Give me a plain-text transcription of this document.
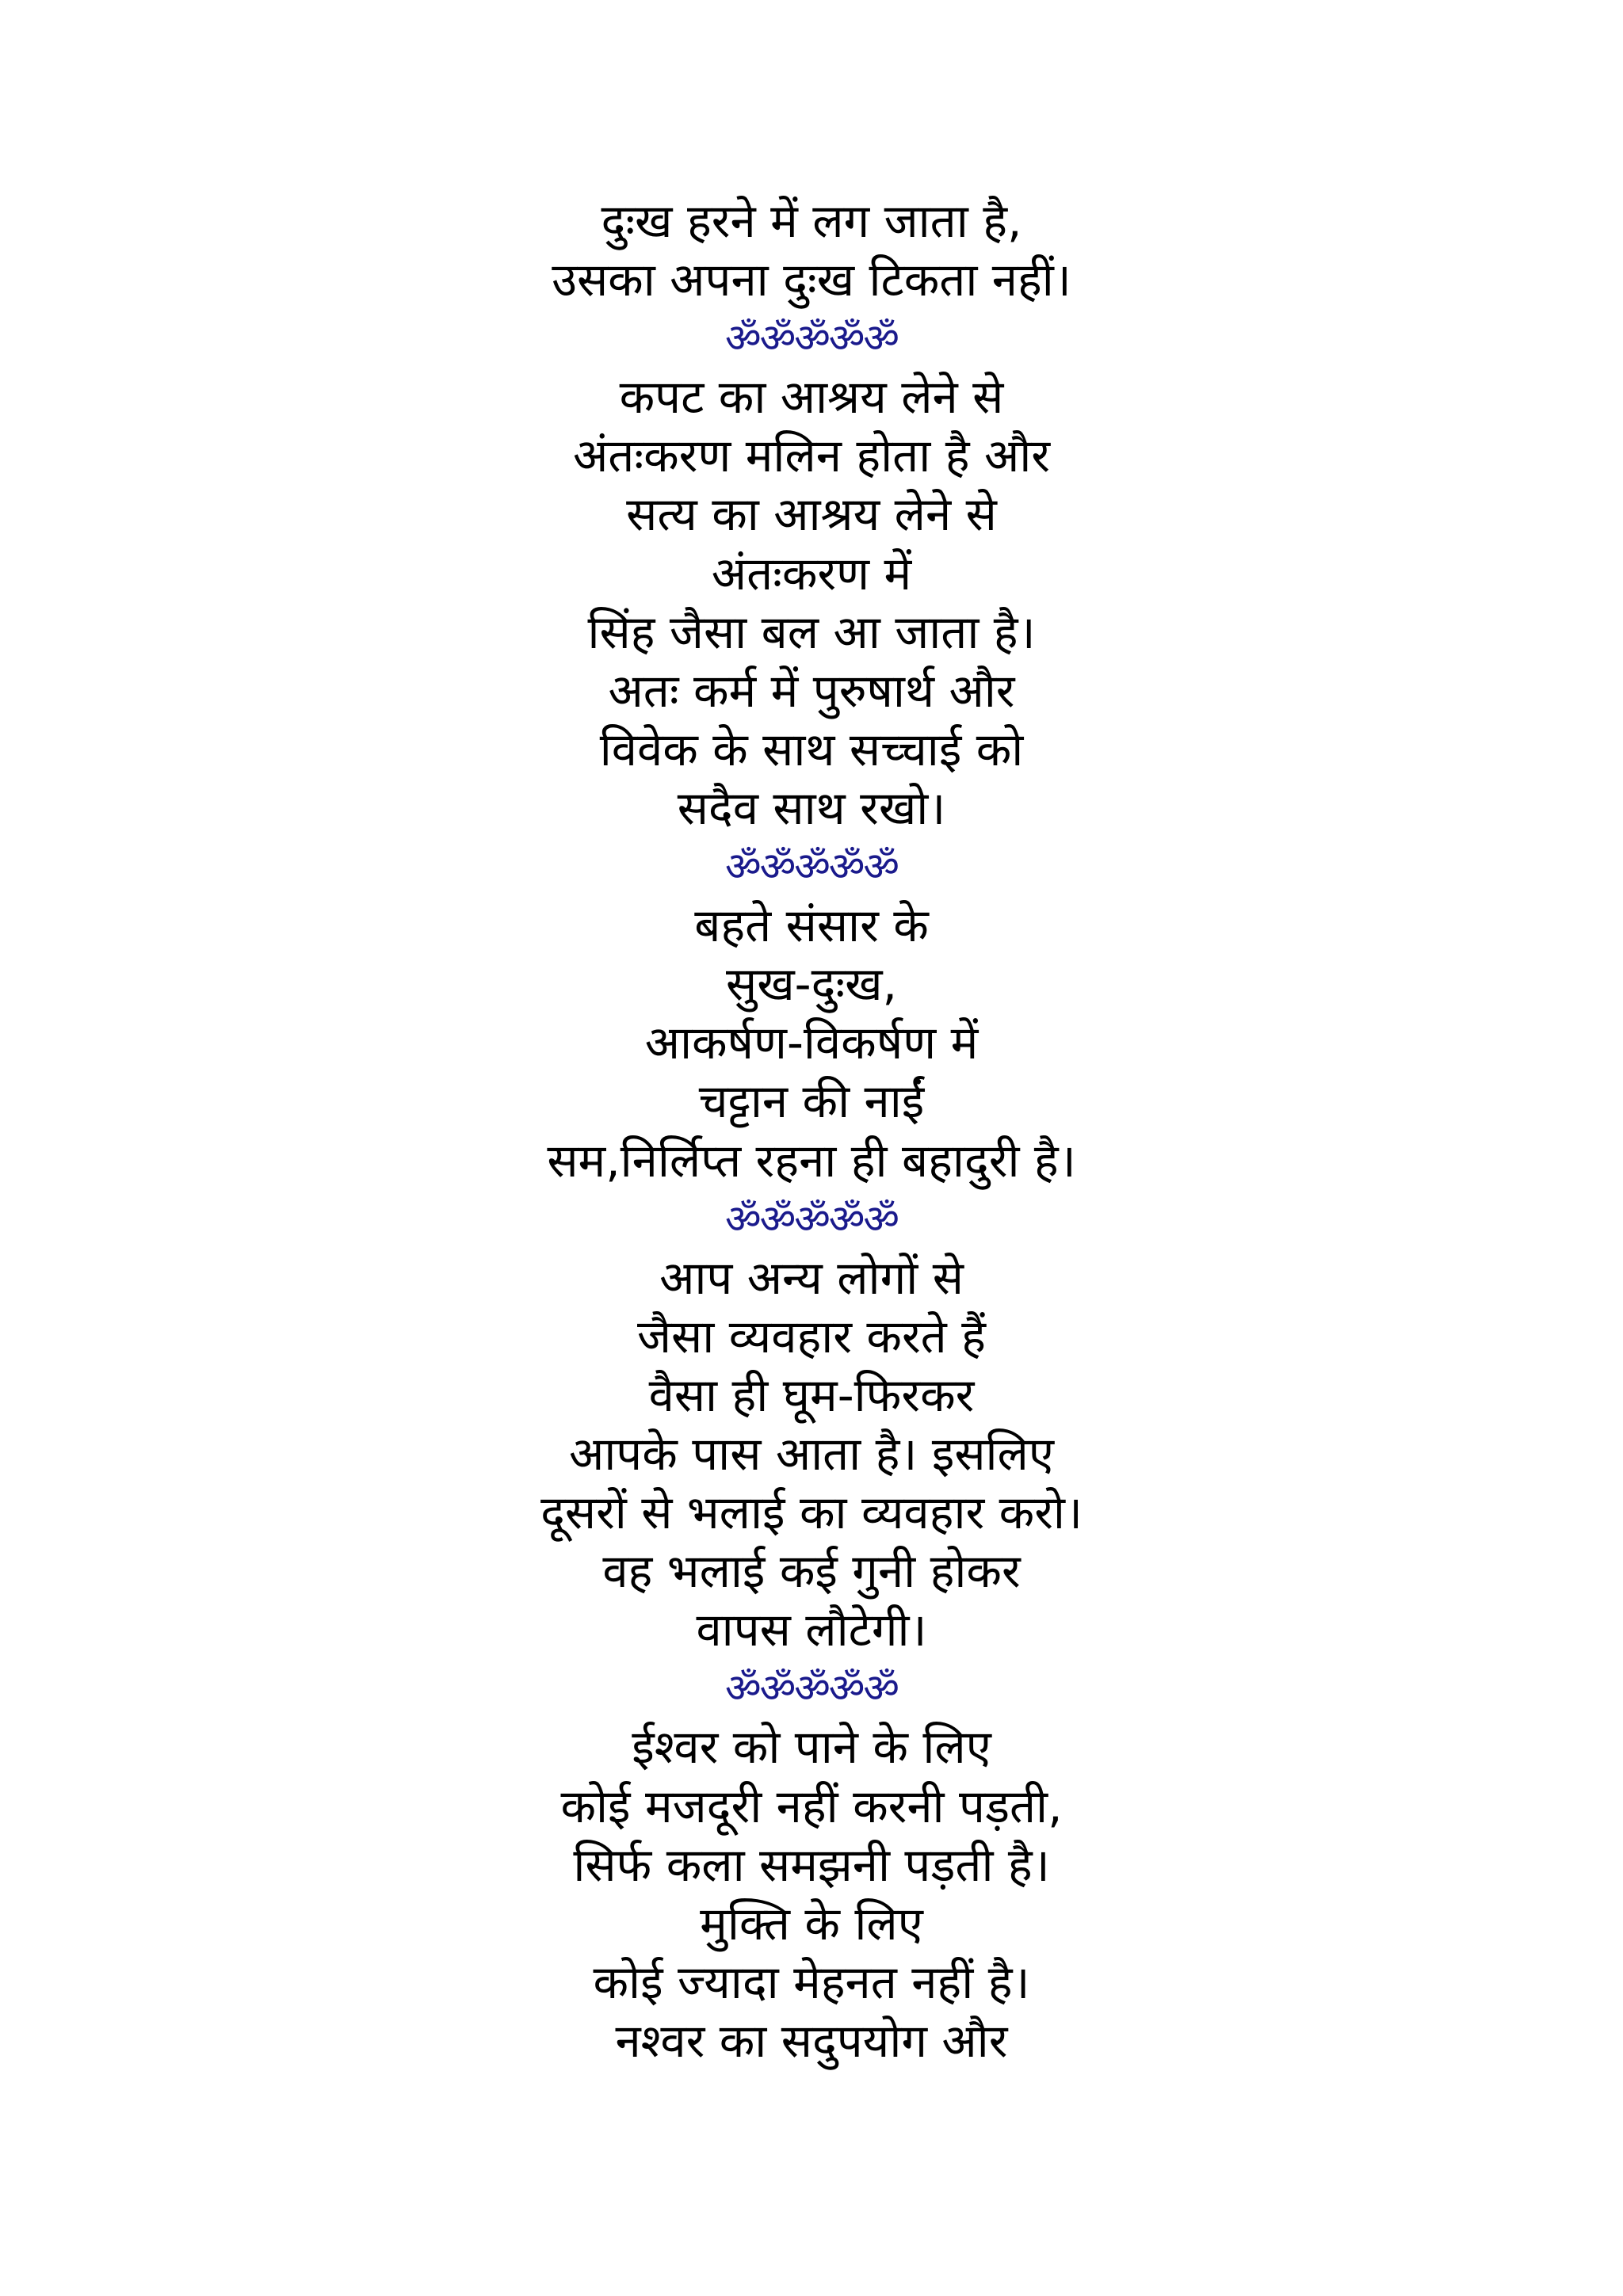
दुःख हरने में लग जाता है,
उसका अपना दुःख टिकता नहीं।
ॐॐॐॐॐ
कपट का आश्रय लेने से
अंतःकरण मलिन होता है और
सत्य का आश्रय लेने से
अंतःकरण में
सिंह जैसा बल आ जाता है।
अतः कर्म में पुरुषार्थ और
विवेक के साथ सच्चाई को
सदैव साथ रखो।
ॐॐॐॐॐ
बहते संसार के
सुख-दुःख,
आकर्षण-विकर्षण में
चट्टान की नाईं
सम,निर्लिप्त रहना ही बहादुरी है।
ॐॐॐॐॐ
आप अन्य लोगों से
जैसा व्यवहार करते हैं
वैसा ही घूम-फिरकर
आपके पास आता है। इसलिए
दूसरों से भलाई का व्यवहार करो।
वह भलाई कई गुनी होकर
वापस लौटेगी।
ॐॐॐॐॐ
ईश्वर को पाने के लिए
कोई मजदूरी नहीं करनी पड़ती,
सिर्फ कला समझनी पड़ती है।
मुक्ति के लिए
कोई ज्यादा मेहनत नहीं है।
नश्वर का सदुपयोग और
